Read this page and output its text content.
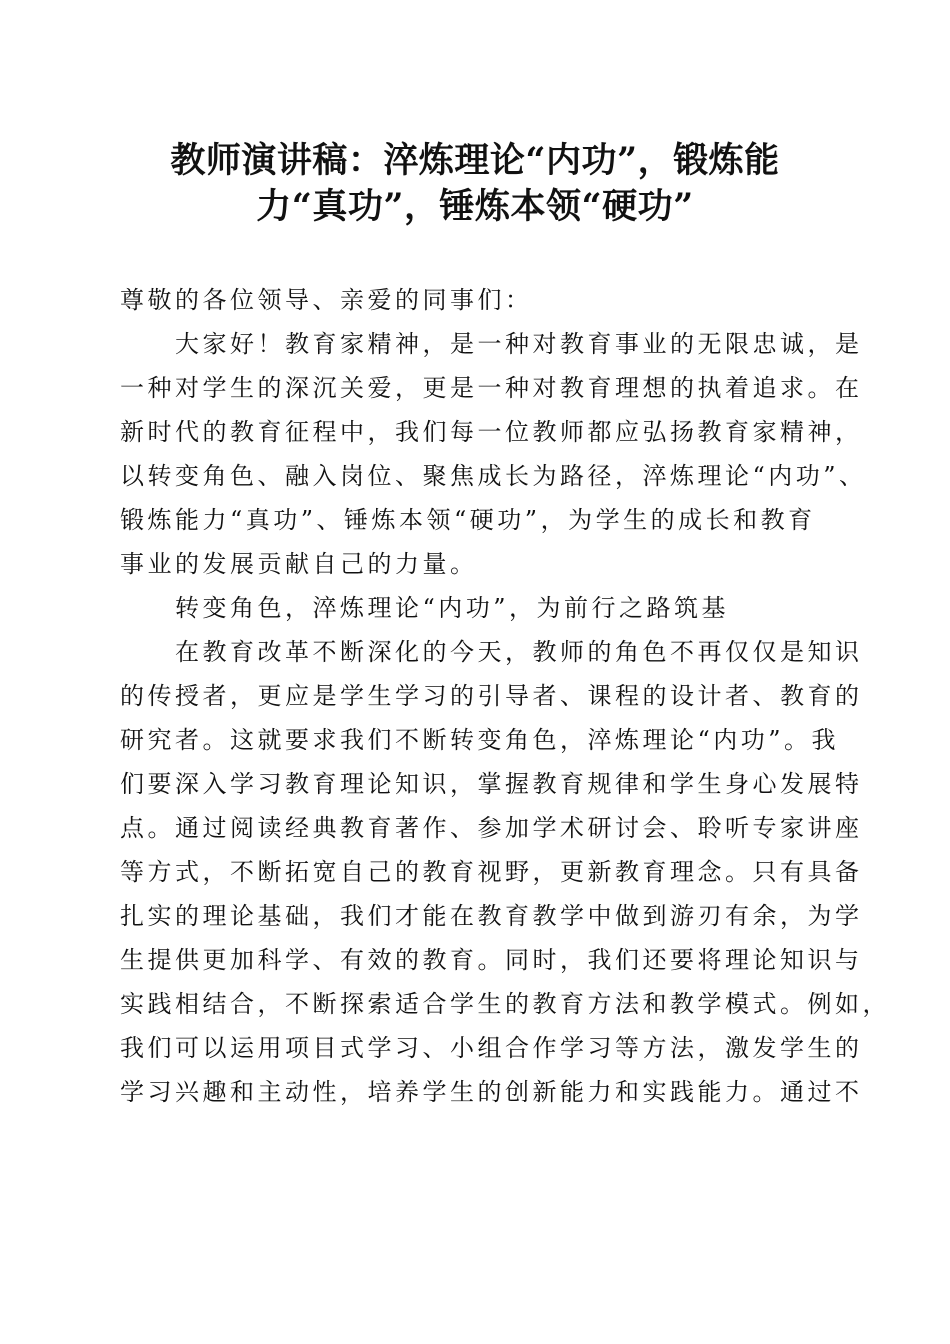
教师演讲稿：淬炼理论“内功”，锻炼能
力“真功”，锤炼本领“硬功”
尊敬的各位领导、亲爱的同事们：
　　大家好！教育家精神，是一种对教育事业的无限忠诚，是
一种对学生的深沉关爱，更是一种对教育理想的执着追求。在
新时代的教育征程中，我们每一位教师都应弘扬教育家精神，
以转变角色、融入岗位、聚焦成长为路径，淬炼理论“内功”、
锻炼能力“真功”、锤炼本领“硬功”，为学生的成长和教育
事业的发展贡献自己的力量。
　　转变角色，淬炼理论“内功”，为前行之路筑基
　　在教育改革不断深化的今天，教师的角色不再仅仅是知识
的传授者，更应是学生学习的引导者、课程的设计者、教育的
研究者。这就要求我们不断转变角色，淬炼理论“内功”。我
们要深入学习教育理论知识，掌握教育规律和学生身心发展特
点。通过阅读经典教育著作、参加学术研讨会、聆听专家讲座
等方式，不断拓宽自己的教育视野，更新教育理念。只有具备
扎实的理论基础，我们才能在教育教学中做到游刃有余，为学
生提供更加科学、有效的教育。同时，我们还要将理论知识与
实践相结合，不断探索适合学生的教育方法和教学模式。例如，
我们可以运用项目式学习、小组合作学习等方法，激发学生的
学习兴趣和主动性，培养学生的创新能力和实践能力。通过不
